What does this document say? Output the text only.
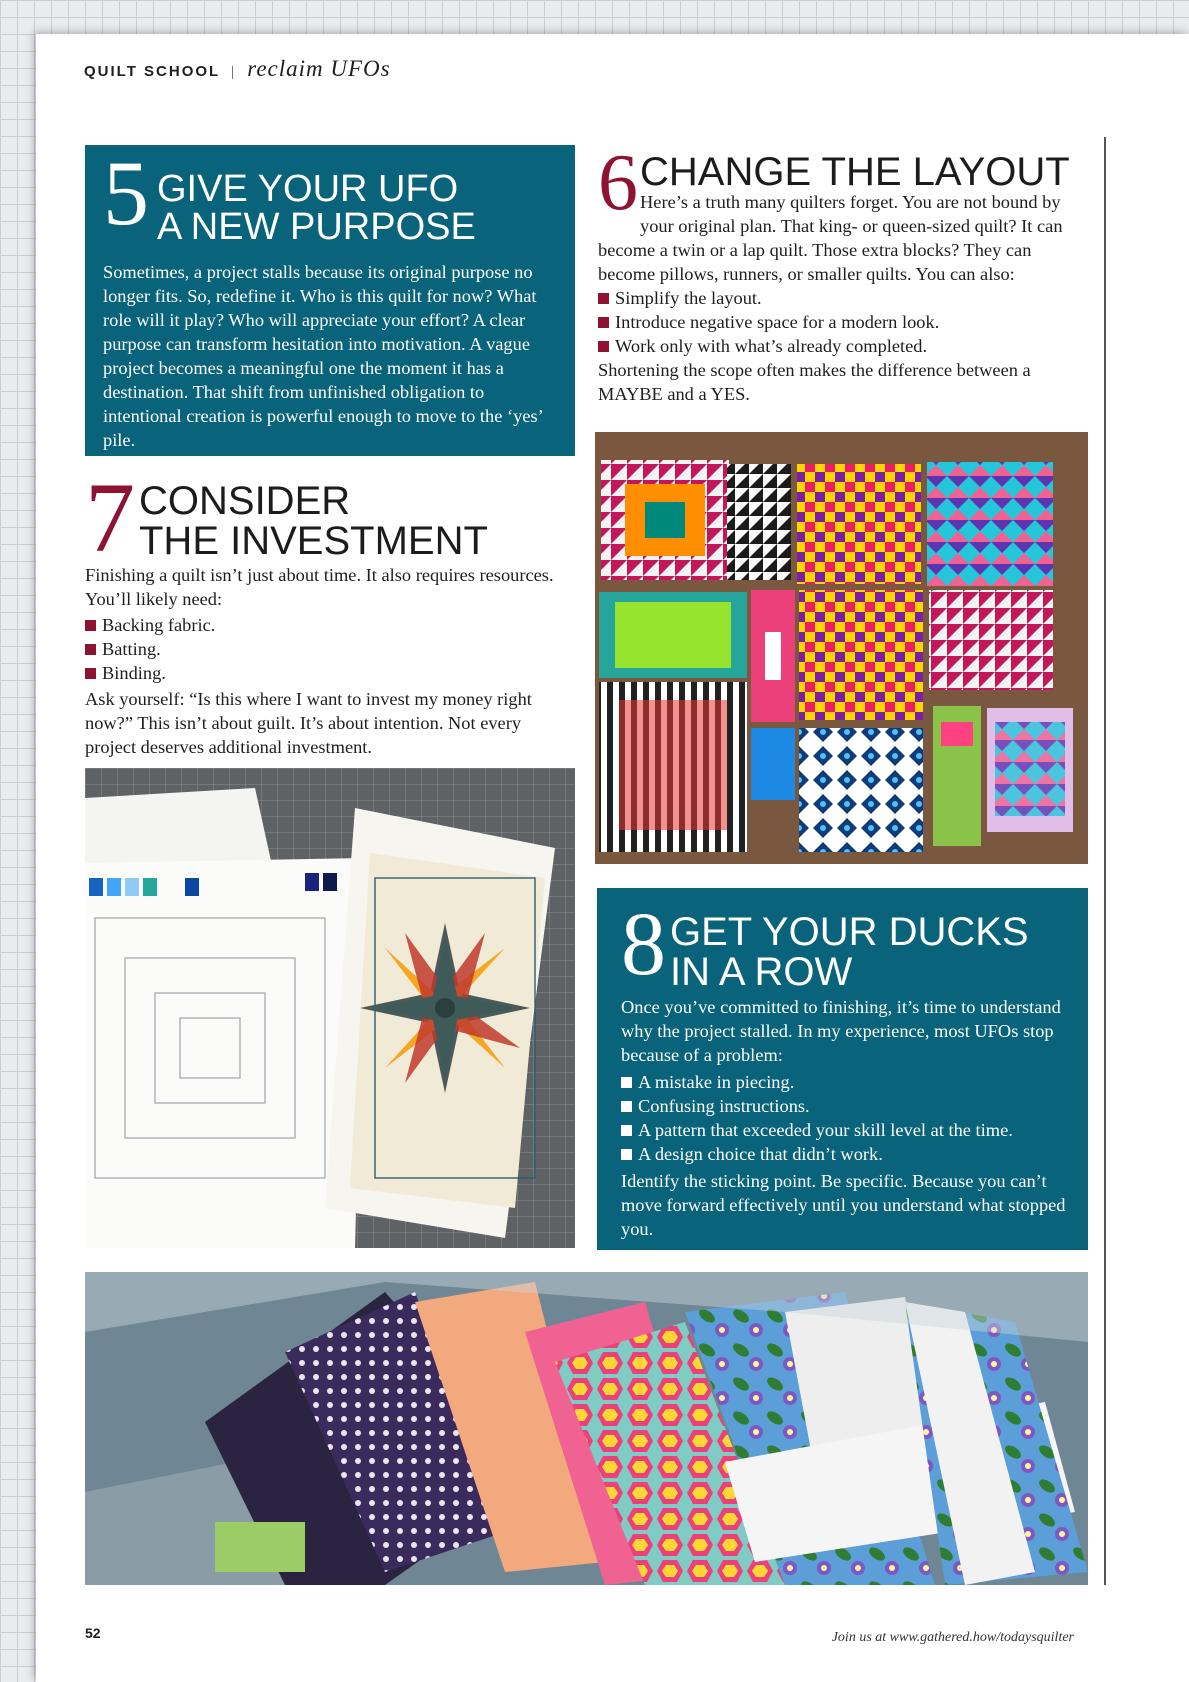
QUILT SCHOOL reclaim UFOs
5 GIVE YOUR UFO
A NEW PURPOSE
Sometimes, a project stalls because its original purpose no longer fits. So, redefine it. Who is this quilt for now? What role will it play? Who will appreciate your effort? A clear purpose can transform hesitation into motivation. A vague project becomes a meaningful one the moment it has a destination. That shift from unfinished obligation to intentional creation is powerful enough to move to the ‘yes’ pile.
6 CHANGE THE LAYOUT
Here’s a truth many quilters forget. You are not bound by your original plan. That king- or queen-sized quilt? It can become a twin or a lap quilt. Those extra blocks? They can become pillows, runners, or smaller quilts. You can also:
Simplify the layout.
Introduce negative space for a modern look.
Work only with what’s already completed.
Shortening the scope often makes the difference between a MAYBE and a YES.
7 CONSIDER
THE INVESTMENT
Finishing a quilt isn’t just about time. It also requires resources. You’ll likely need:
Backing fabric.
Batting.
Binding.
Ask yourself: “Is this where I want to invest my money right now?” This isn’t about guilt. It’s about intention. Not every project deserves additional investment.
8 GET YOUR DUCKS
IN A ROW
Once you’ve committed to finishing, it’s time to understand why the project stalled. In my experience, most UFOs stop because of a problem:
A mistake in piecing.
Confusing instructions.
A pattern that exceeded your skill level at the time.
A design choice that didn’t work.
Identify the sticking point. Be specific. Because you can’t move forward effectively until you understand what stopped you.
52	Join us at www.gathered.how/todaysquilter
